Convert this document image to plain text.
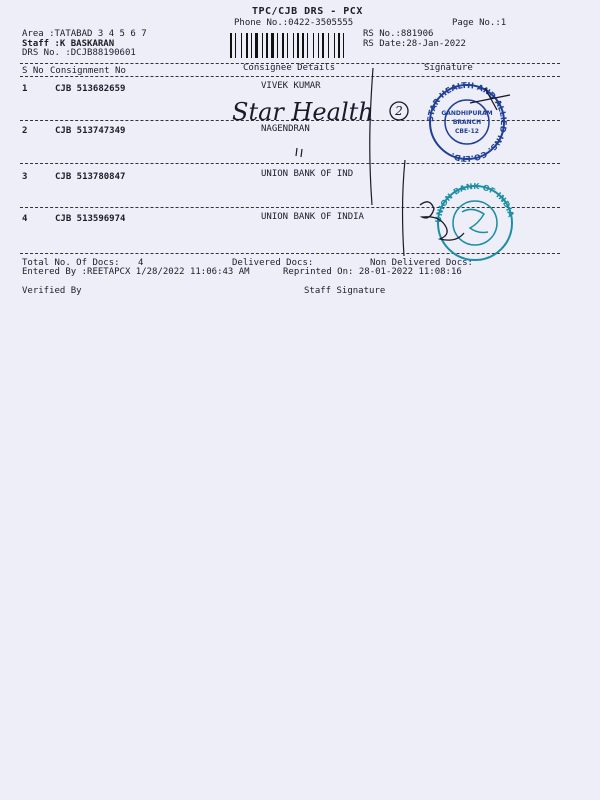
TPC/CJB DRS - PCX
Phone No.:0422-3505555	Page No.:1
Area :TATABAD 3 4 5 6 7
Staff :K BASKARAN
DRS No. :DCJB88190601
RS No.:881906
RS Date:28-Jan-2022
S No Consignment No	Consignee Details	Signature
1	CJB 513682659	VIVEK KUMAR
2	CJB 513747349	NAGENDRAN
3	CJB 513780847	UNION BANK OF IND
4	CJB 513596974	UNION BANK OF INDIA
Total No. Of Docs: 4	Delivered Docs:	Non Delivered Docs:
Entered By :REETAPCX 1/28/2022 11:06:43 AM	Reprinted On: 28-01-2022 11:08:16
Verified By	Staff Signature
STAR HEALTH AND ALLIED INS. CO.LTD.
GANDHIPURAM
BRANCH
CBE-12
UNION BANK OF INDIA
Star Health 2
